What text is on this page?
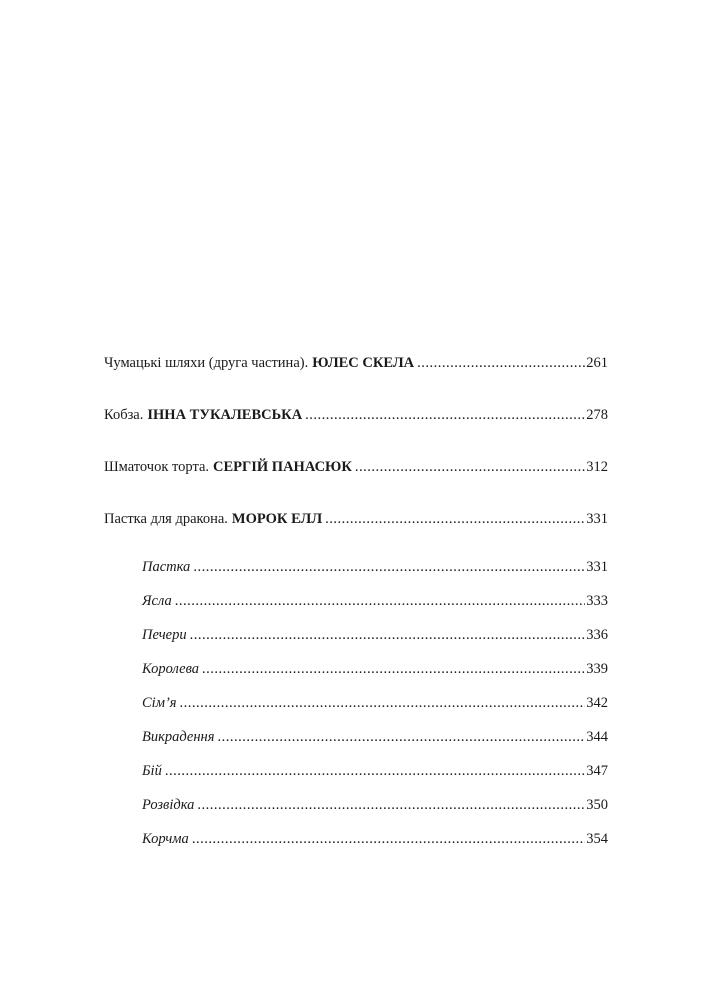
Чумацькі шляхи (друга частина). ЮЛЕС СКЕЛА .....	261
Кобза. ІННА ТУКАЛЕВСЬКА .....	278
Шматочок торта. СЕРГІЙ ПАНАСЮК .....	312
Пастка для дракона. МОРОК ЕЛЛ .....	331
Пастка .....	331
Ясла .....	333
Печери .....	336
Королева .....	339
Сім’я .....	342
Викрадення .....	344
Бій .....	347
Розвідка .....	350
Корчма .....	354
